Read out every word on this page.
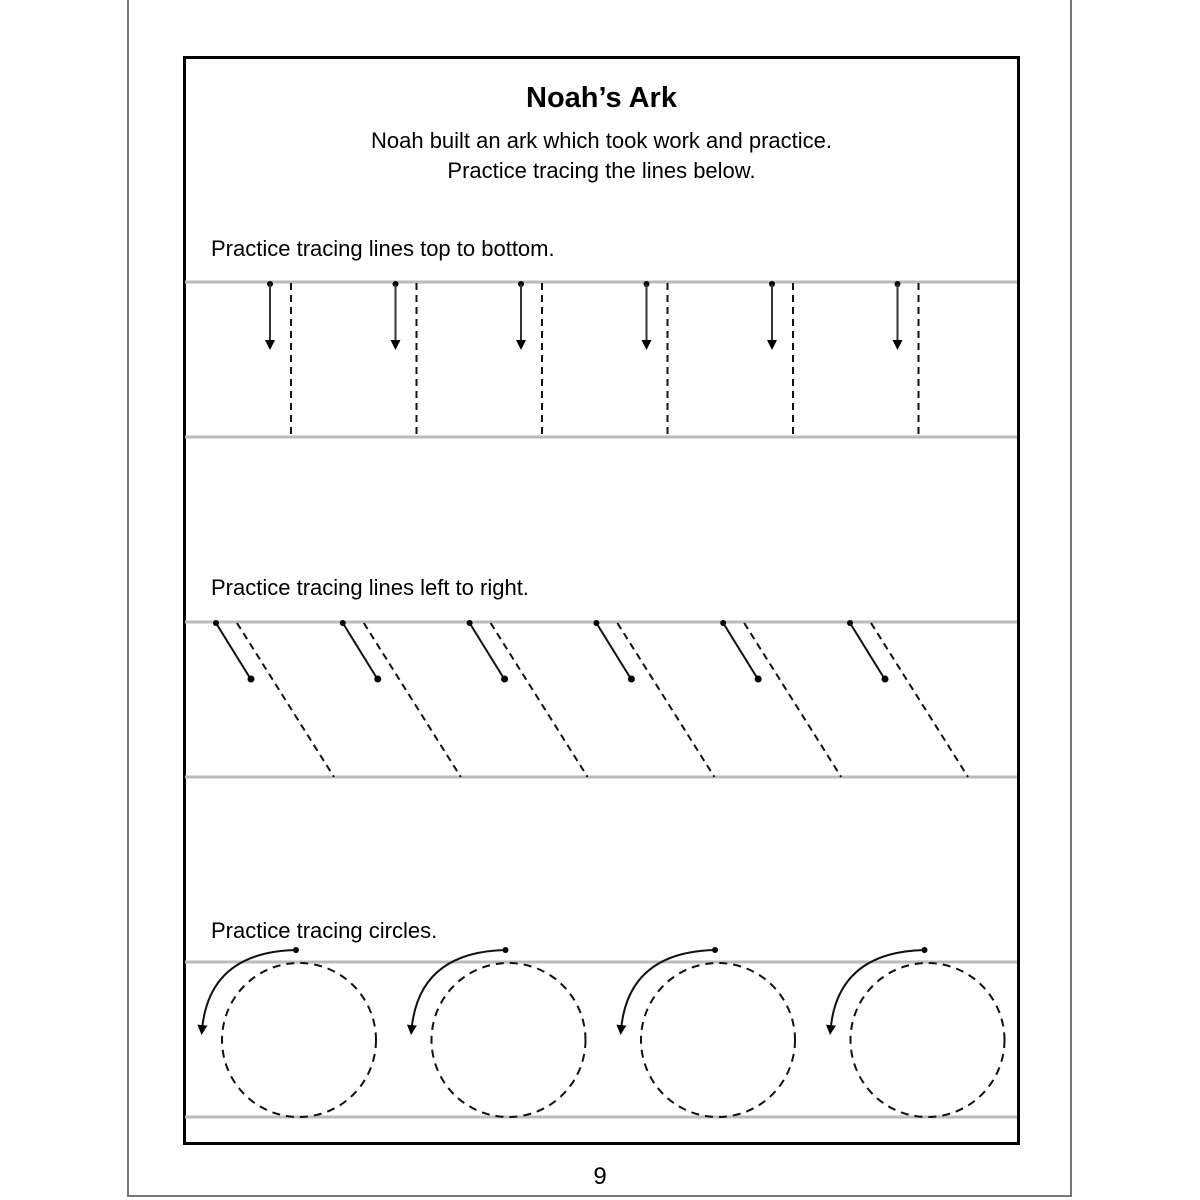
Noah’s Ark
Noah built an ark which took work and practice.
Practice tracing the lines below.
Practice tracing lines top to bottom.
Practice tracing lines left to right.
Practice tracing circles.
9
